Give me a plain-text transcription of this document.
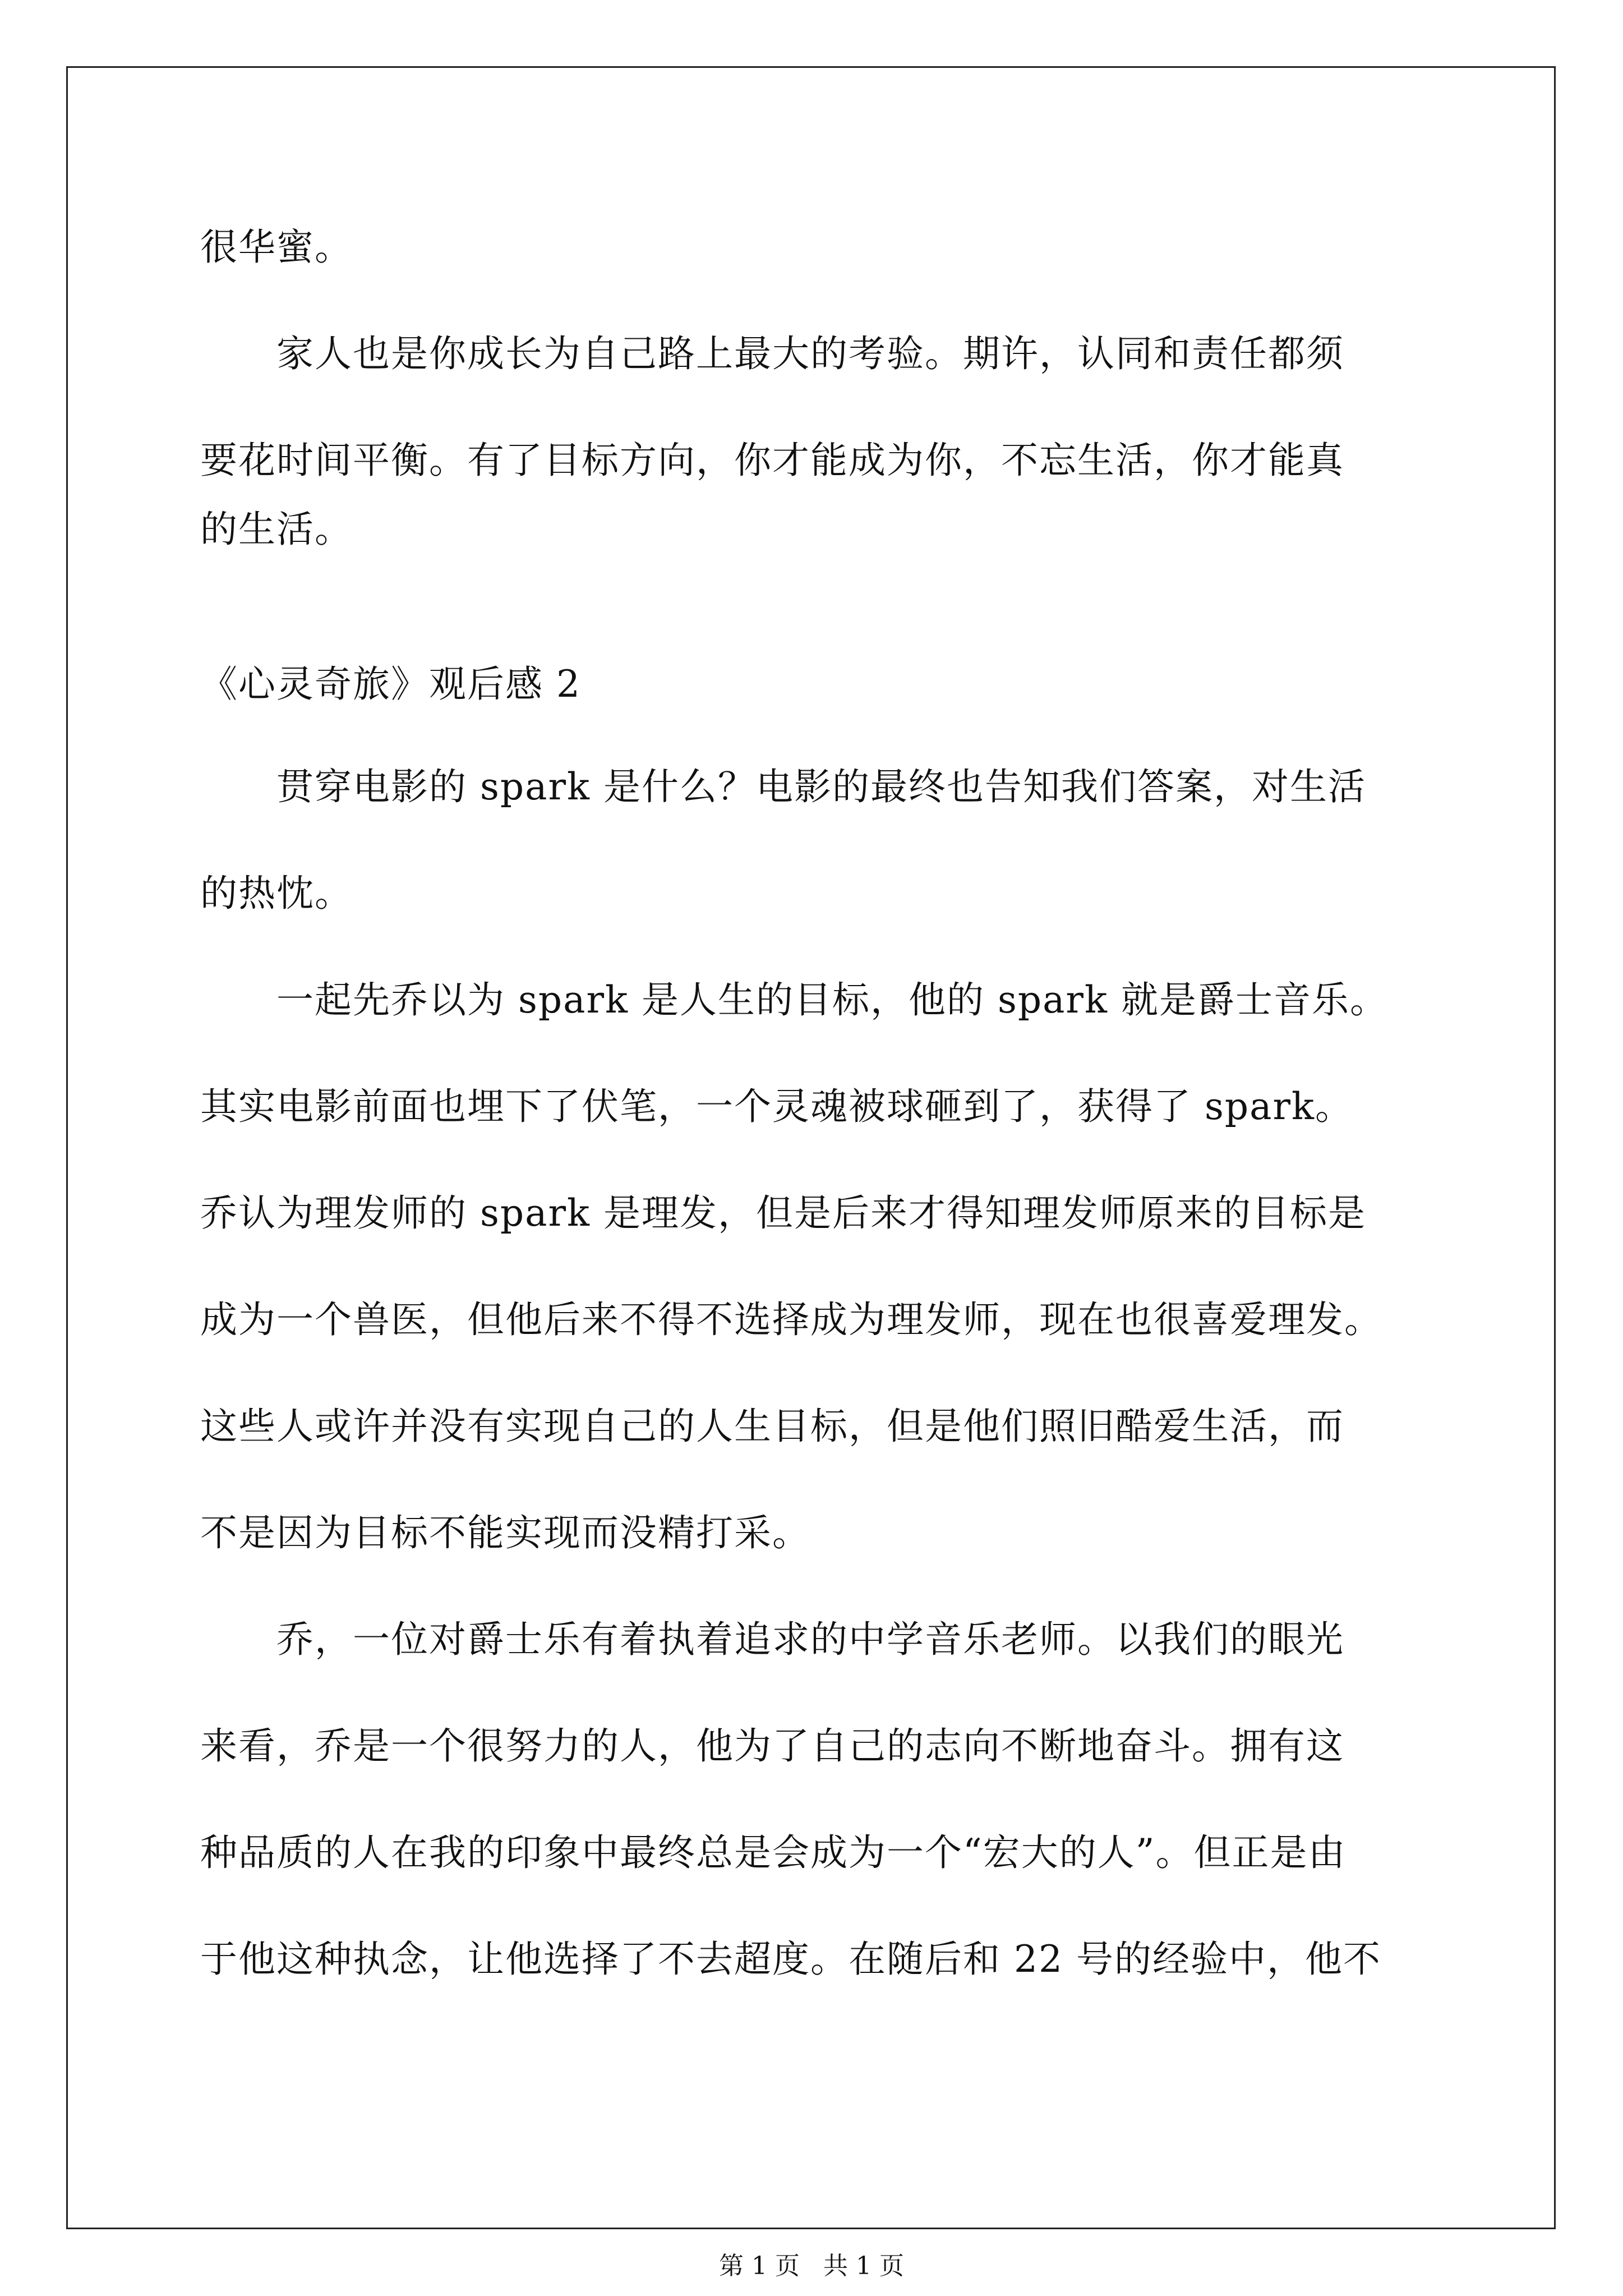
很华蜜。
　　家人也是你成长为自己路上最大的考验。期许，认同和责任都须
要花时间平衡。有了目标方向，你才能成为你，不忘生活，你才能真
的生活。
《心灵奇旅》观后感 2
　　贯穿电影的 spark 是什么？电影的最终也告知我们答案，对生活
的热忱。
　　一起先乔以为 spark 是人生的目标，他的 spark 就是爵士音乐。
其实电影前面也埋下了伏笔，一个灵魂被球砸到了，获得了 spark。
乔认为理发师的 spark 是理发，但是后来才得知理发师原来的目标是
成为一个兽医，但他后来不得不选择成为理发师，现在也很喜爱理发。
这些人或许并没有实现自己的人生目标，但是他们照旧酷爱生活，而
不是因为目标不能实现而没精打采。
　　乔，一位对爵士乐有着执着追求的中学音乐老师。以我们的眼光
来看，乔是一个很努力的人，他为了自己的志向不断地奋斗。拥有这
种品质的人在我的印象中最终总是会成为一个“宏大的人”。但正是由
于他这种执念，让他选择了不去超度。在随后和 22 号的经验中，他不
第 1 页   共 1 页
